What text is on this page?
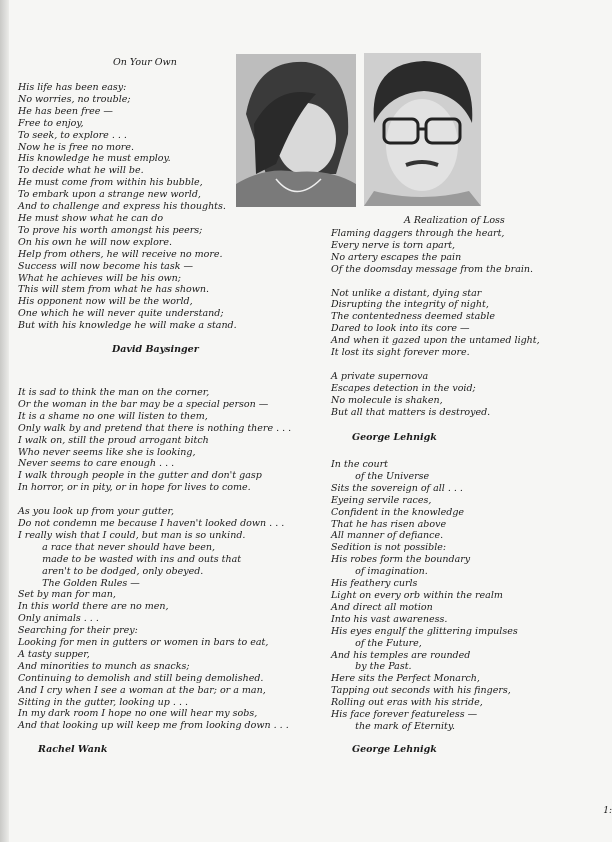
On Your Own
His life has been easy:
No worries, no trouble;
He has been free —
Free to enjoy,
To seek, to explore . . .
Now he is free no more.
His knowledge he must employ.
To decide what he will be.
He must come from within his bubble,
To embark upon a strange new world,
And to challenge and express his thoughts.
He must show what he can do
To prove his worth amongst his peers;
On his own he will now explore.
Help from others, he will receive no more.
Success will now become his task —
What he achieves will be his own;
This will stem from what he has shown.
His opponent now will be the world,
One which he will never quite understand;
But with his knowledge he will make a stand.
David Baysinger
It is sad to think the man on the corner,
Or the woman in the bar may be a special person —
It is a shame no one will listen to them,
Only walk by and pretend that there is nothing there . . .
I walk on, still the proud arrogant bitch
Who never seems like she is looking,
Never seems to care enough . . .
I walk through people in the gutter and don't gasp
In horror, or in pity, or in hope for lives to come.

As you look up from your gutter,
Do not condemn me because I haven't looked down . . .
I really wish that I could, but man is so unkind.
a race that never should have been,
made to be wasted with ins and outs that
aren't to be dodged, only obeyed.
The Golden Rules —
Set by man for man,
In this world there are no men,
Only animals . . .
Searching for their prey:
Looking for men in gutters or women in bars to eat,
A tasty supper,
And minorities to munch as snacks;
Continuing to demolish and still being demolished.
And I cry when I see a woman at the bar; or a man,
Sitting in the gutter, looking up . . .
In my dark room I hope no one will hear my sobs,
And that looking up will keep me from looking down . . .
Rachel Wank
A Realization of Loss
Flaming daggers through the heart,
Every nerve is torn apart,
No artery escapes the pain
Of the doomsday message from the brain.

Not unlike a distant, dying star
Disrupting the integrity of night,
The contentedness deemed stable
Dared to look into its core —
And when it gazed upon the untamed light,
It lost its sight forever more.

A private supernova
Escapes detection in the void;
No molecule is shaken,
But all that matters is destroyed.
George Lehnigk
In the court
of the Universe
Sits the sovereign of all . . .
Eyeing servile races,
Confident in the knowledge
That he has risen above
All manner of defiance.
Sedition is not possible:
His robes form the boundary
of imagination.
His feathery curls
Light on every orb within the realm
And direct all motion
Into his vast awareness.
His eyes engulf the glittering impulses
of the Future,
And his temples are rounded
by the Past.
Here sits the Perfect Monarch,
Tapping out seconds with his fingers,
Rolling out eras with his stride,
His face forever featureless —
the mark of Eternity.
George Lehnigk
1:
